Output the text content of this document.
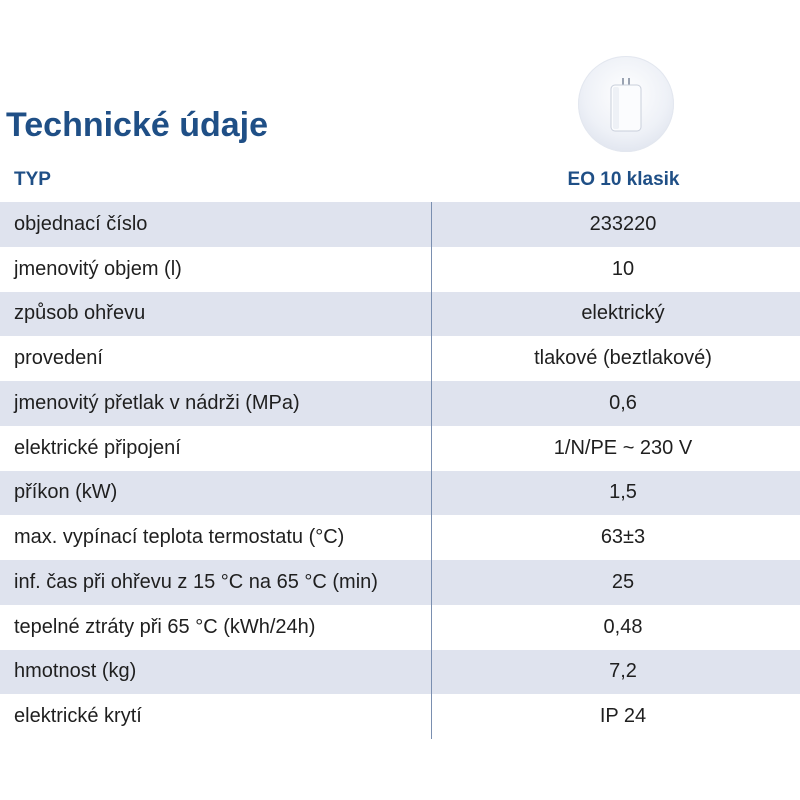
Technické údaje
TYP	EO 10 klasik
objednací číslo	233220
jmenovitý objem (l)	10
způsob ohřevu	elektrický
provedení	tlakové (beztlakové)
jmenovitý přetlak v nádrži (MPa)	0,6
elektrické připojení	1/N/PE ~ 230 V
příkon (kW)	1,5
max. vypínací teplota termostatu (°C)	63±3
inf. čas při ohřevu z 15 °C na 65 °C (min)	25
tepelné ztráty při 65 °C (kWh/24h)	0,48
hmotnost (kg)	7,2
elektrické krytí	IP 24
